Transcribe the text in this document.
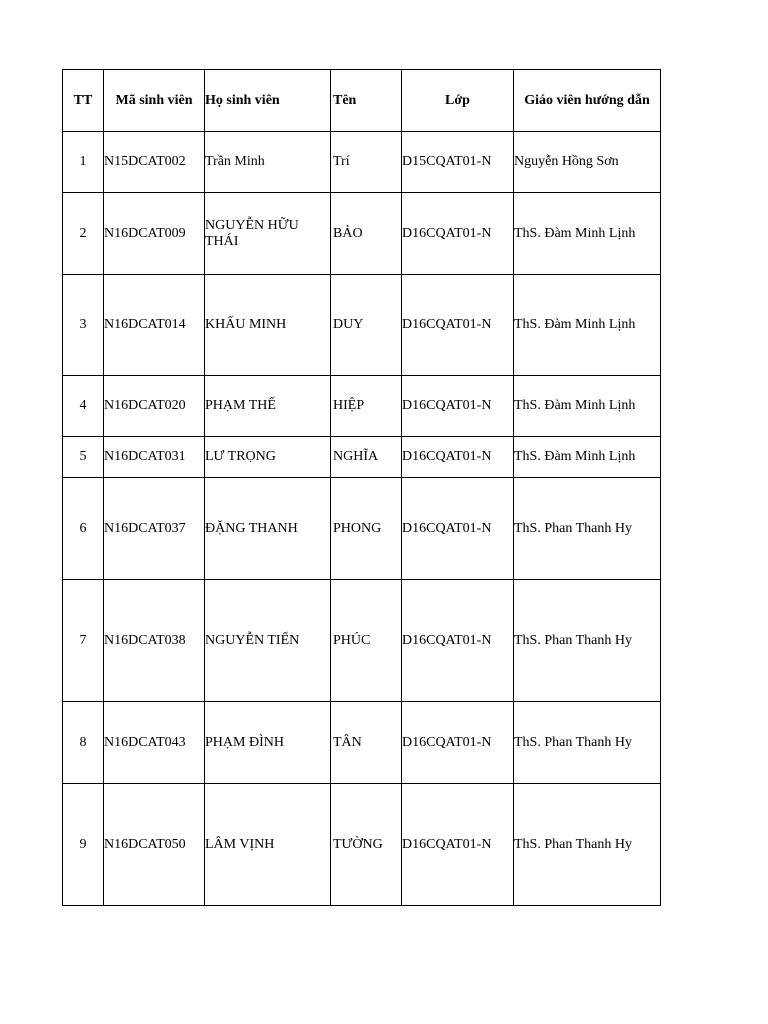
TT	Mã sinh viên	Họ sinh viên	Tên	Lớp	Giáo viên hướng dẫn
1	N15DCAT002	Trần Minh	Trí	D15CQAT01-N	Nguyễn Hồng Sơn
2	N16DCAT009	NGUYỄN HỮU THÁI	BẢO	D16CQAT01-N	ThS. Đàm Minh Lịnh
3	N16DCAT014	KHẤU MINH	DUY	D16CQAT01-N	ThS. Đàm Minh Lịnh
4	N16DCAT020	PHẠM THẾ	HIỆP	D16CQAT01-N	ThS. Đàm Minh Lịnh
5	N16DCAT031	LƯ TRỌNG	NGHĨA	D16CQAT01-N	ThS. Đàm Minh Lịnh
6	N16DCAT037	ĐẶNG THANH	PHONG	D16CQAT01-N	ThS. Phan Thanh Hy
7	N16DCAT038	NGUYỄN TIẾN	PHÚC	D16CQAT01-N	ThS. Phan Thanh Hy
8	N16DCAT043	PHẠM ĐÌNH	TÂN	D16CQAT01-N	ThS. Phan Thanh Hy
9	N16DCAT050	LÂM VỊNH	TƯỜNG	D16CQAT01-N	ThS. Phan Thanh Hy
